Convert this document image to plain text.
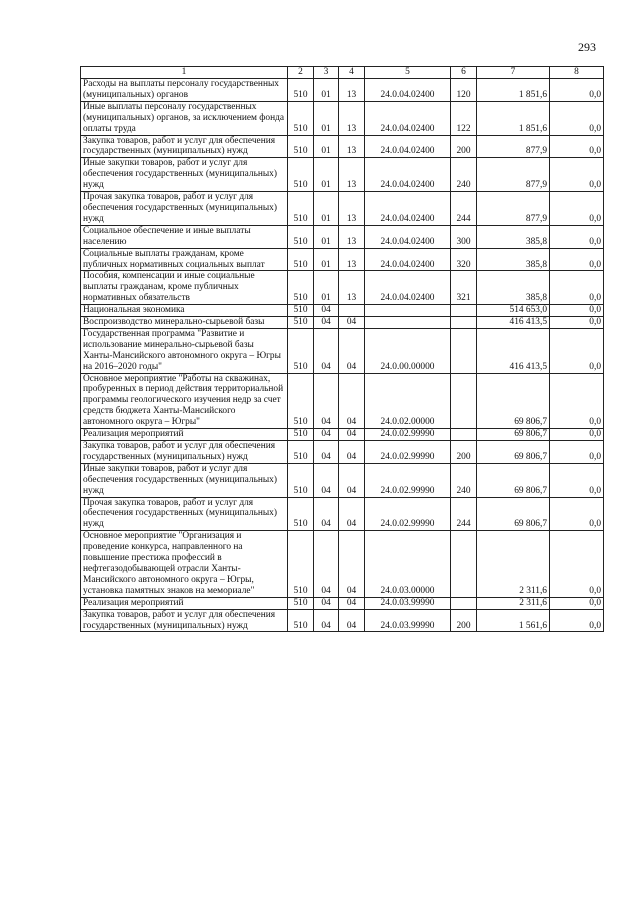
293
1	2	3	4	5	6	7	8
Расходы на выплаты персоналу государственных (муниципальных) органов	510	01	13	24.0.04.02400	120	1 851,6	0,0
Иные выплаты персоналу государственных (муниципальных) органов, за исключением фонда оплаты труда	510	01	13	24.0.04.02400	122	1 851,6	0,0
Закупка товаров, работ и услуг для обеспечения государственных (муниципальных) нужд	510	01	13	24.0.04.02400	200	877,9	0,0
Иные закупки товаров, работ и услуг для обеспечения государственных (муниципальных) нужд	510	01	13	24.0.04.02400	240	877,9	0,0
Прочая закупка товаров, работ и услуг для обеспечения государственных (муниципальных) нужд	510	01	13	24.0.04.02400	244	877,9	0,0
Социальное обеспечение и иные выплаты населению	510	01	13	24.0.04.02400	300	385,8	0,0
Социальные выплаты гражданам, кроме публичных нормативных социальных выплат	510	01	13	24.0.04.02400	320	385,8	0,0
Пособия, компенсации и иные социальные выплаты гражданам, кроме публичных нормативных обязательств	510	01	13	24.0.04.02400	321	385,8	0,0
Национальная экономика	510	04				514 653,0	0,0
Воспроизводство минерально-сырьевой базы	510	04	04			416 413,5	0,0
Государственная программа "Развитие и использование минерально-сырьевой базы Ханты-Мансийского автономного округа – Югры на 2016–2020 годы"	510	04	04	24.0.00.00000		416 413,5	0,0
Основное мероприятие "Работы на скважинах, пробуренных в период действия территориальной программы геологического изучения недр за счет средств бюджета Ханты-Мансийского автономного округа – Югры"	510	04	04	24.0.02.00000		69 806,7	0,0
Реализация мероприятий	510	04	04	24.0.02.99990		69 806,7	0,0
Закупка товаров, работ и услуг для обеспечения государственных (муниципальных) нужд	510	04	04	24.0.02.99990	200	69 806,7	0,0
Иные закупки товаров, работ и услуг для обеспечения государственных (муниципальных) нужд	510	04	04	24.0.02.99990	240	69 806,7	0,0
Прочая закупка товаров, работ и услуг для обеспечения государственных (муниципальных) нужд	510	04	04	24.0.02.99990	244	69 806,7	0,0
Основное мероприятие "Организация и проведение конкурса, направленного на повышение престижа профессий в нефтегазодобывающей отрасли Ханты-Мансийского автономного округа – Югры, установка памятных знаков на мемориале"	510	04	04	24.0.03.00000		2 311,6	0,0
Реализация мероприятий	510	04	04	24.0.03.99990		2 311,6	0,0
Закупка товаров, работ и услуг для обеспечения государственных (муниципальных) нужд	510	04	04	24.0.03.99990	200	1 561,6	0,0
